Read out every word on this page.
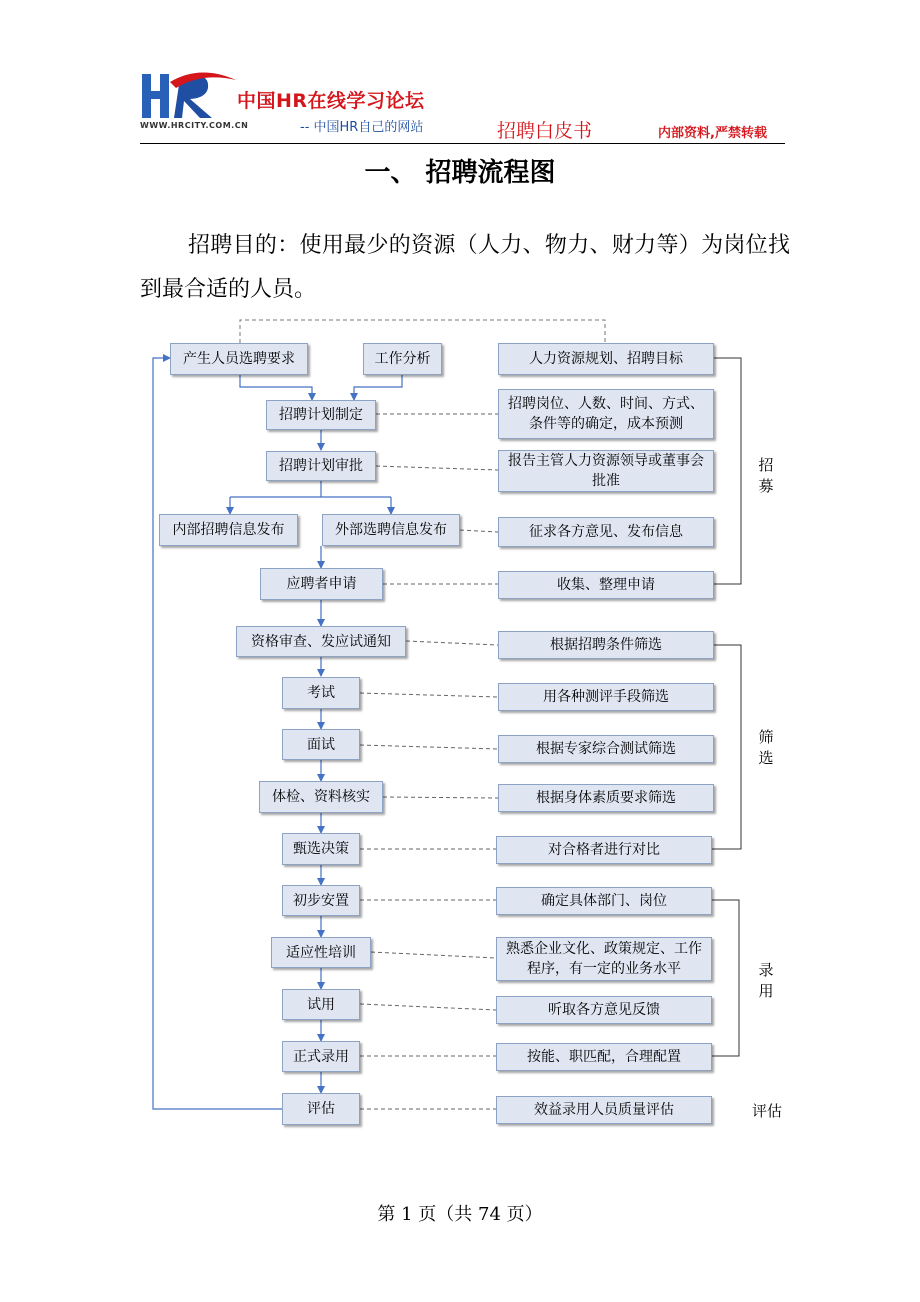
WWW.HRCITY.COM.CN
中国HR在线学习论坛
-- 中国HR自己的网站	招聘白皮书	内部资料,严禁转载
一、 招聘流程图
招聘目的：使用最少的资源（人力、物力、财力等）为岗位找到最合适的人员。
产生人员选聘要求	工作分析
招聘计划制定
招聘计划审批
内部招聘信息发布	外部选聘信息发布
应聘者申请
资格审查、发应试通知
考试
面试
体检、资料核实
甄选决策
初步安置
适应性培训
试用
正式录用
评估
人力资源规划、招聘目标
招聘岗位、人数、时间、方式、条件等的确定，成本预测
报告主管人力资源领导或董事会批准
征求各方意见、发布信息
收集、整理申请
根据招聘条件筛选
用各种测评手段筛选
根据专家综合测试筛选
根据身体素质要求筛选
对合格者进行对比
确定具体部门、岗位
熟悉企业文化、政策规定、工作程序，有一定的业务水平
听取各方意见反馈
按能、职匹配，合理配置
效益录用人员质量评估
招募
筛选
录用
评估
第 1 页（共 74 页）
